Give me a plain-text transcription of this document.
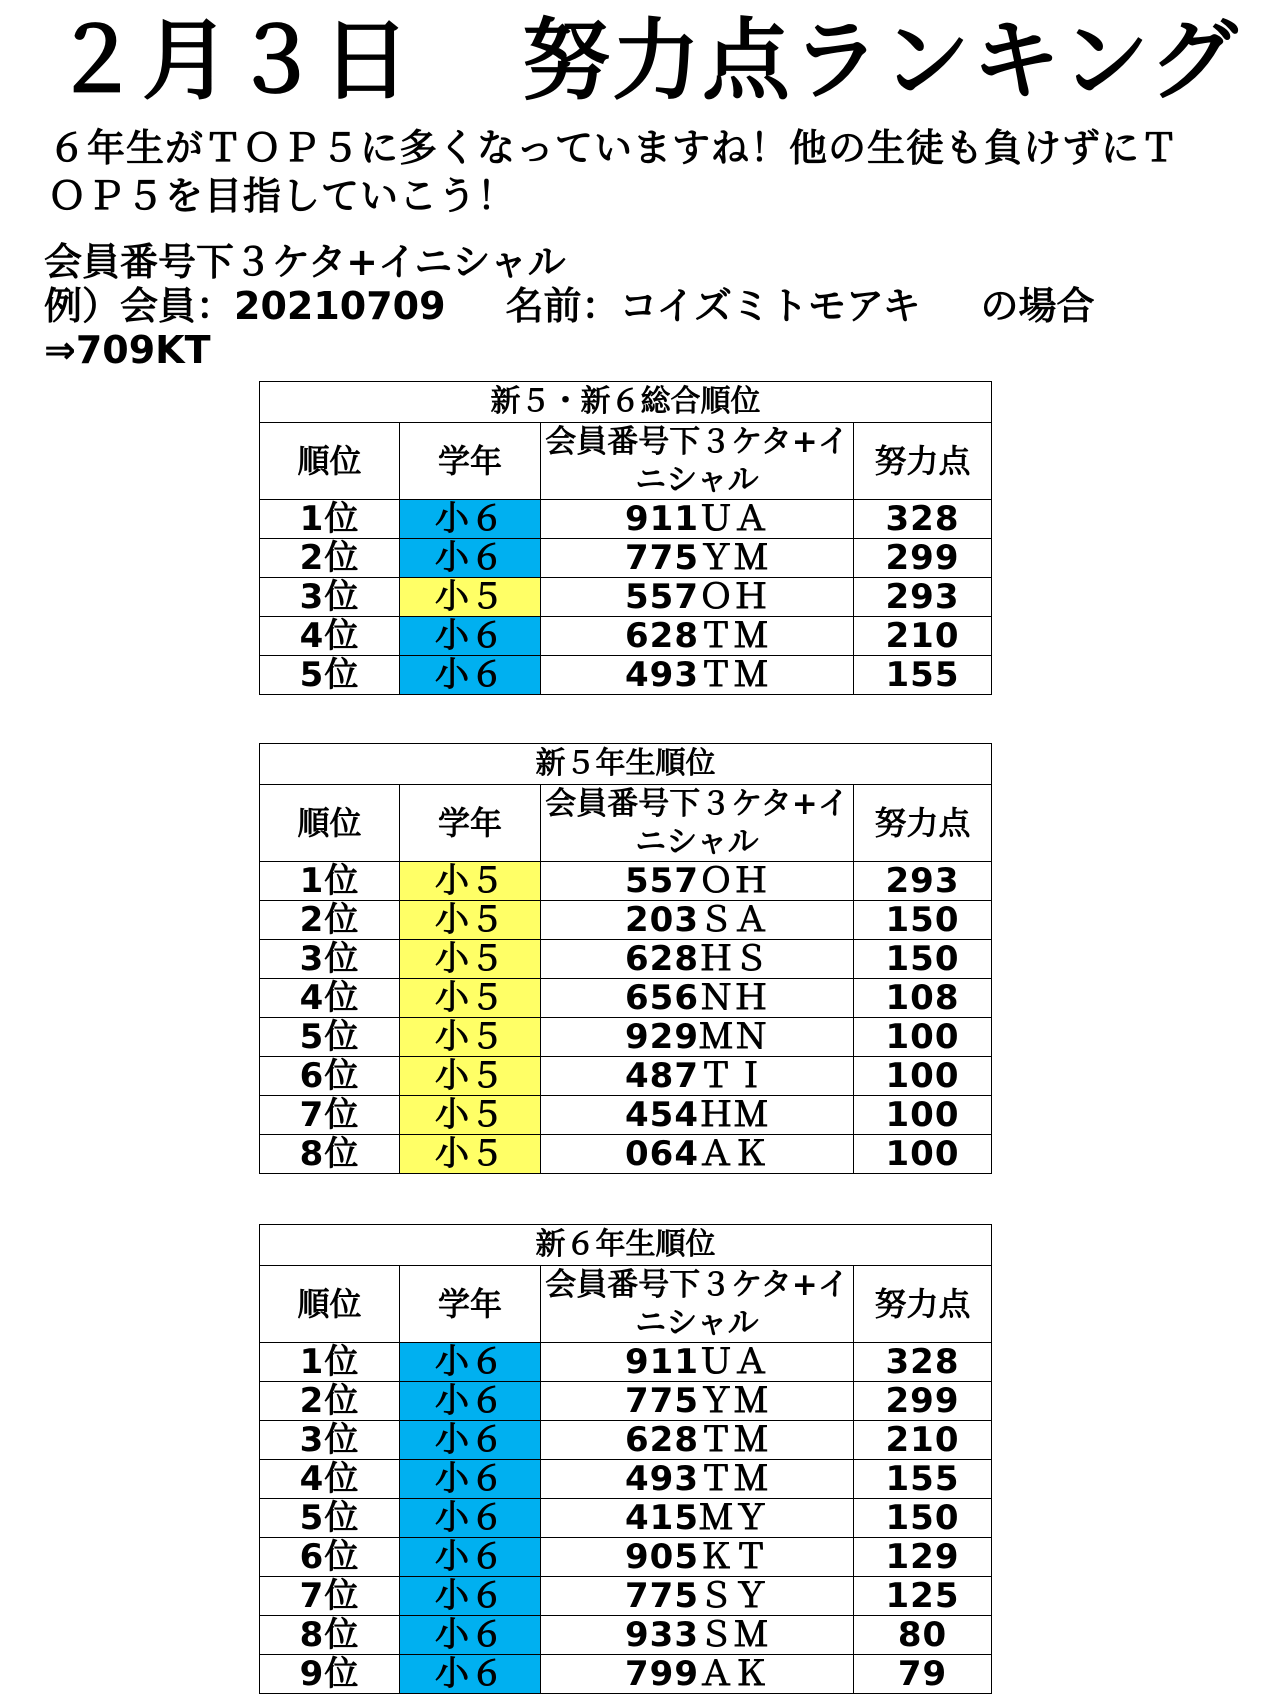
２月３日	努力点ランキング
６年生がＴＯＰ５に多くなっていますね！他の生徒も負けずにＴＯＰ５を目指していこう！
会員番号下３ケタ+イニシャル
例）会員：20210709 名前：コイズミトモアキ の場合
⇒709KT
新５・新６総合順位			
順位	学年	会員番号下３ケタ+イニシャル	努力点
1位	小６	911ＵＡ	328
2位	小６	775ＹＭ	299
3位	小５	557ＯＨ	293
4位	小６	628ＴＭ	210
5位	小６	493ＴＭ	155
新５年生順位			
順位	学年	会員番号下３ケタ+イニシャル	努力点
1位	小５	557ＯＨ	293
2位	小５	203ＳＡ	150
3位	小５	628ＨＳ	150
4位	小５	656ＮＨ	108
5位	小５	929ＭＮ	100
6位	小５	487ＴＩ	100
7位	小５	454ＨＭ	100
8位	小５	064ＡＫ	100
新６年生順位			
順位	学年	会員番号下３ケタ+イニシャル	努力点
1位	小６	911ＵＡ	328
2位	小６	775ＹＭ	299
3位	小６	628ＴＭ	210
4位	小６	493ＴＭ	155
5位	小６	415ＭＹ	150
6位	小６	905ＫＴ	129
7位	小６	775ＳＹ	125
8位	小６	933ＳＭ	80
9位	小６	799ＡＫ	79
